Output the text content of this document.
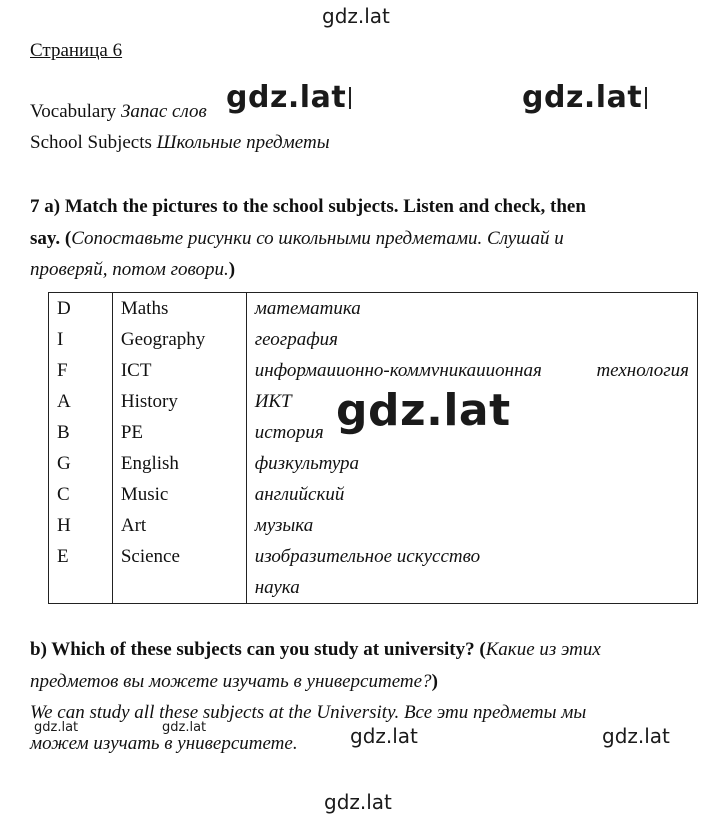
gdz.lat
Страница 6
Vocabulary Запас слов gdz.lat	gdz.lat
School Subjects Школьные предметы
7 a) Match the pictures to the school subjects. Listen and check, then
say. (Сопоставьте рисунки со школьными предметами. Слушай и
проверяй, потом говори.)
D	Maths	математика
I	Geography	география
F	ICT	информаиионно-коммvникаuионная технология

A	History	ИКТ
B	PE	история
G	English	физкультура
C	Music	английский
H	Art	музыка
E	Science	изобразительное искусство
		наука
gdz.lat
b) Which of these subjects can you study at university? (Какие из этих
предметов вы можете изучать в университете?)
We can study all these subjects at the University. Все эти предметы мы
gdz.lat	gdz.lat
можем изучать в университете.	gdz.lat	gdz.lat
gdz.lat
